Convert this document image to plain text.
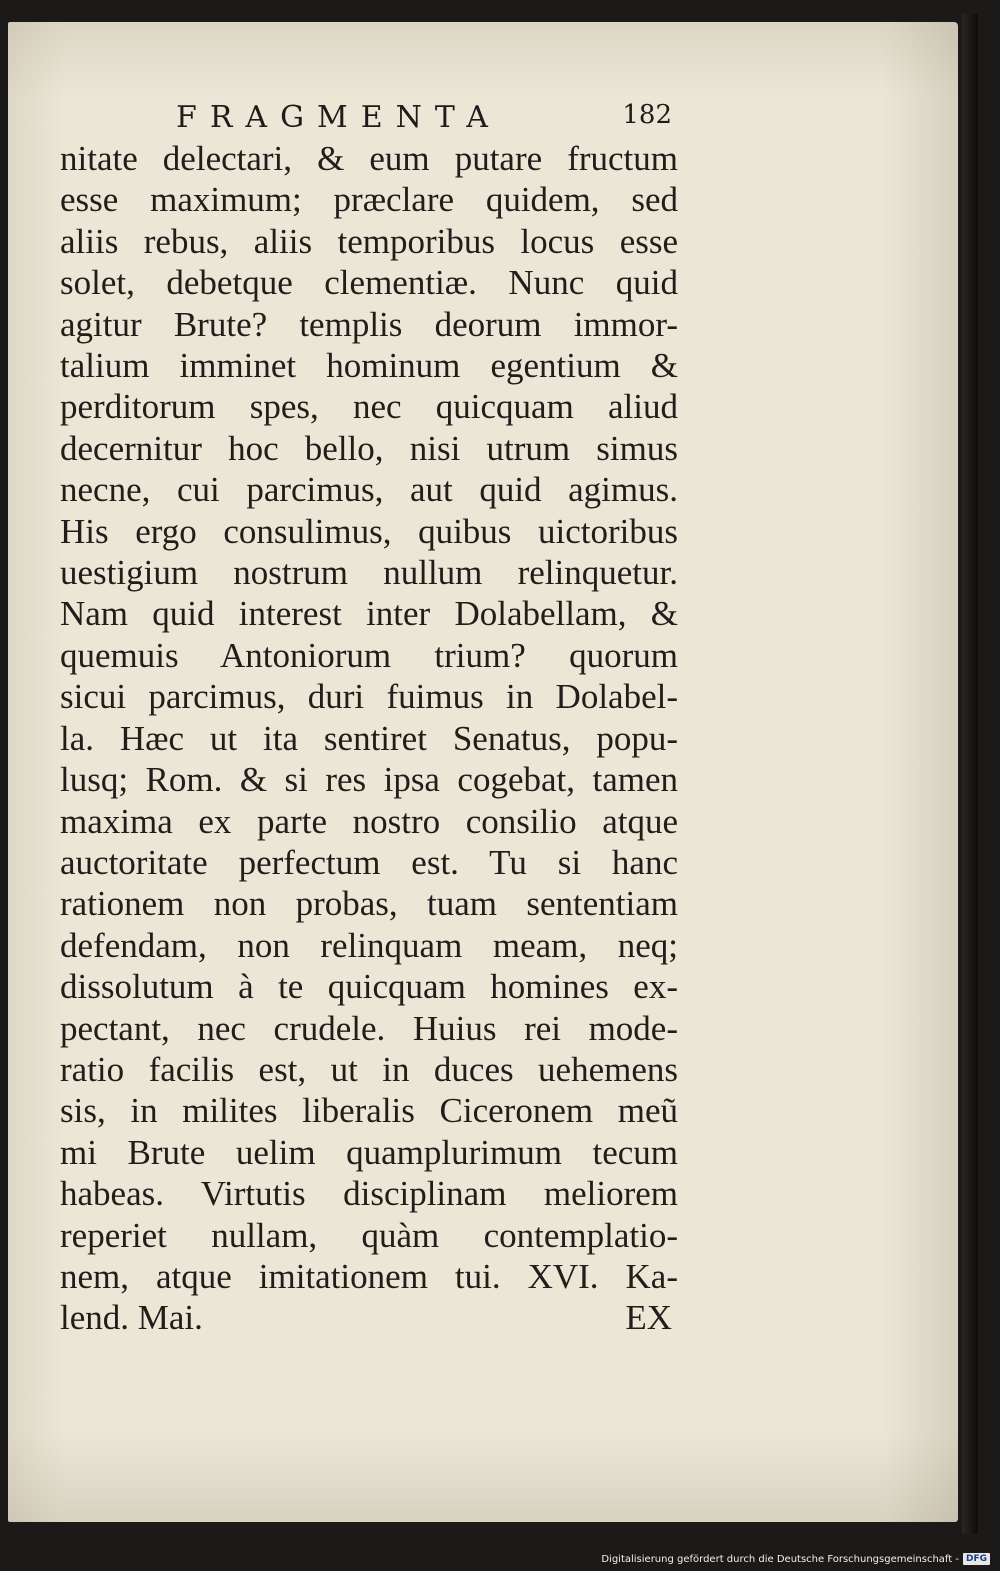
FRAGMENTA	182
nitate delectari, & eum putare fructum
esse maximum; præclare quidem, sed
aliis rebus, aliis temporibus locus esse
solet, debetque clementiæ. Nunc quid
agitur Brute? templis deorum immor-
talium imminet hominum egentium &
perditorum spes, nec quicquam aliud
decernitur hoc bello, nisi utrum simus
necne, cui parcimus, aut quid agimus.
His ergo consulimus, quibus uictoribus
uestigium nostrum nullum relinquetur.
Nam quid interest inter Dolabellam, &
quemuis Antoniorum trium? quorum
sicui parcimus, duri fuimus in Dolabel-
la. Hæc ut ita sentiret Senatus, popu-
lusq; Rom. & si res ipsa cogebat, tamen
maxima ex parte nostro consilio atque
auctoritate perfectum est. Tu si hanc
rationem non probas, tuam sententiam
defendam, non relinquam meam, neq;
dissolutum à te quicquam homines ex-
pectant, nec crudele. Huius rei mode-
ratio facilis est, ut in duces uehemens
sis, in milites liberalis Ciceronem meũ
mi Brute uelim quamplurimum tecum
habeas. Virtutis disciplinam meliorem
reperiet nullam, quàm contemplatio-
nem, atque imitationem tui. XVI. Ka-
lend. Mai.	EX
Digitalisierung gefördert durch die Deutsche Forschungsgemeinschaft - DFG
